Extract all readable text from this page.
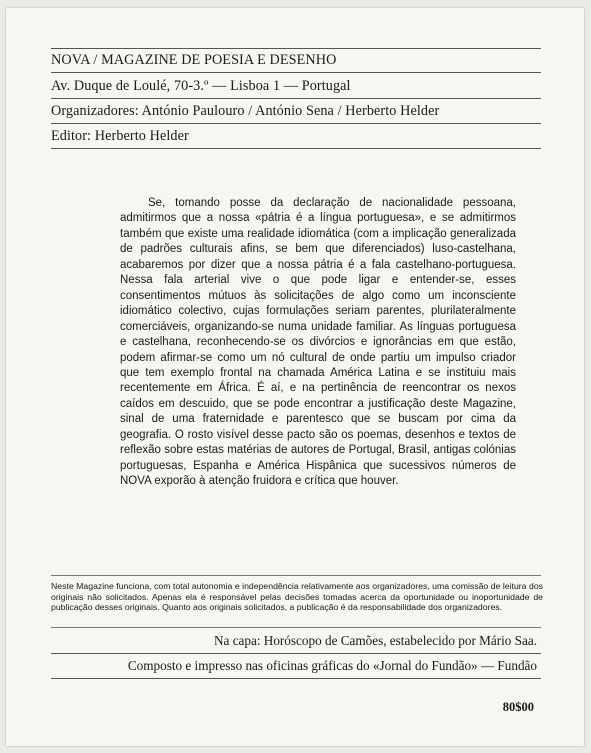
NOVA / MAGAZINE DE POESIA E DESENHO
Av. Duque de Loulé, 70-3.º — Lisboa 1 — Portugal
Organizadores: António Paulouro / António Sena / Herberto Helder
Editor: Herberto Helder

Se, tomando posse da declaração de nacionalidade pessoana, admitirmos que a nossa «pátria é a língua portuguesa», e se admitirmos também que existe uma realidade idiomática (com a implicação generalizada de padrões culturais afins, se bem que diferenciados) luso-castelhana, acabaremos por dizer que a nossa pátria é a fala castelhano-portuguesa. Nessa fala arterial vive o que pode ligar e entender-se, esses consentimentos mútuos às solicitações de algo como um inconsciente idiomático colectivo, cujas formulações seriam parentes, plurilateralmente comerciáveis, organizando-se numa unidade familiar. As línguas portuguesa e castelhana, reconhecendo-se os divórcios e ignorâncias em que estão, podem afirmar-se como um nó cultural de onde partiu um impulso criador que tem exemplo frontal na chamada América Latina e se instituiu mais recentemente em África. É aí, e na pertinência de reencontrar os nexos caídos em descuido, que se pode encontrar a justificação deste Magazine, sinal de uma fraternidade e parentesco que se buscam por cima da geografia. O rosto visível desse pacto são os poemas, desenhos e textos de reflexão sobre estas matérias de autores de Portugal, Brasil, antigas colónias portuguesas, Espanha e América Hispânica que sucessivos números de NOVA exporão à atenção fruidora e crítica que houver.

Neste Magazine funciona, com total autonomia e independência relativamente aos organizadores, uma comissão de leitura dos originais não solicitados. Apenas ela é responsável pelas decisões tomadas acerca da oportunidade ou inoportunidade de publicação desses originais. Quanto aos originais solicitados, a publicação é da responsabilidade dos organizadores.

Na capa: Horóscopo de Camões, estabelecido por Mário Saa.
Composto e impresso nas oficinas gráficas do «Jornal do Fundão» — Fundão
80$00
